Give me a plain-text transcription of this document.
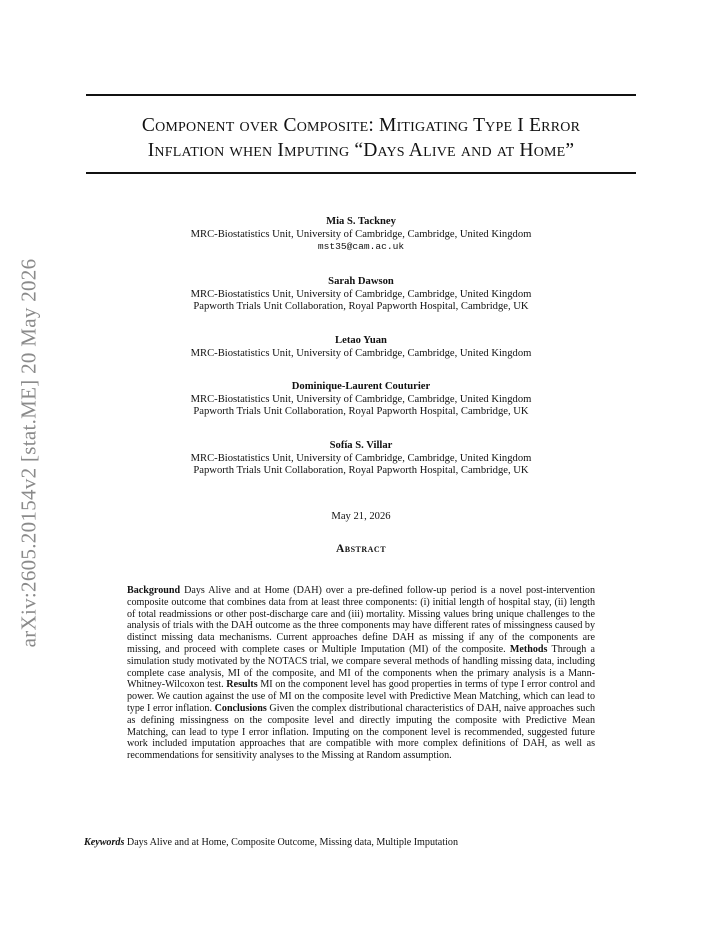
arXiv:2605.20154v2 [stat.ME] 20 May 2026
Component over Composite: Mitigating Type I Error
Inflation when Imputing “Days Alive and at Home”
Mia S. Tackney
MRC-Biostatistics Unit, University of Cambridge, Cambridge, United Kingdom
mst35@cam.ac.uk
Sarah Dawson
MRC-Biostatistics Unit, University of Cambridge, Cambridge, United Kingdom
Papworth Trials Unit Collaboration, Royal Papworth Hospital, Cambridge, UK
Letao Yuan
MRC-Biostatistics Unit, University of Cambridge, Cambridge, United Kingdom
Dominique-Laurent Couturier
MRC-Biostatistics Unit, University of Cambridge, Cambridge, United Kingdom
Papworth Trials Unit Collaboration, Royal Papworth Hospital, Cambridge, UK
Sofía S. Villar
MRC-Biostatistics Unit, University of Cambridge, Cambridge, United Kingdom
Papworth Trials Unit Collaboration, Royal Papworth Hospital, Cambridge, UK
May 21, 2026
Abstract
Background Days Alive and at Home (DAH) over a pre-defined follow-up period is a novel post-intervention composite outcome that combines data from at least three components: (i) initial length of hospital stay, (ii) length of total readmissions or other post-discharge care and (iii) mortality. Missing values bring unique challenges to the analysis of trials with the DAH outcome as the three components may have different rates of missingness caused by distinct missing data mechanisms. Current approaches define DAH as missing if any of the components are missing, and proceed with complete cases or Multiple Imputation (MI) of the composite. Methods Through a simulation study motivated by the NOTACS trial, we compare several methods of handling missing data, including complete case analysis, MI of the composite, and MI of the components when the primary analysis is a Mann-Whitney-Wilcoxon test. Results MI on the component level has good properties in terms of type I error control and power. We caution against the use of MI on the composite level with Predictive Mean Matching, which can lead to type I error inflation. Conclusions Given the complex distributional characteristics of DAH, naive approaches such as defining missingness on the composite level and directly imputing the composite with Predictive Mean Matching, can lead to type I error inflation. Imputing on the component level is recommended, suggested future work included imputation approaches that are compatible with more complex definitions of DAH, as well as recommendations for sensitivity analyses to the Missing at Random assumption.
Keywords Days Alive and at Home, Composite Outcome, Missing data, Multiple Imputation
